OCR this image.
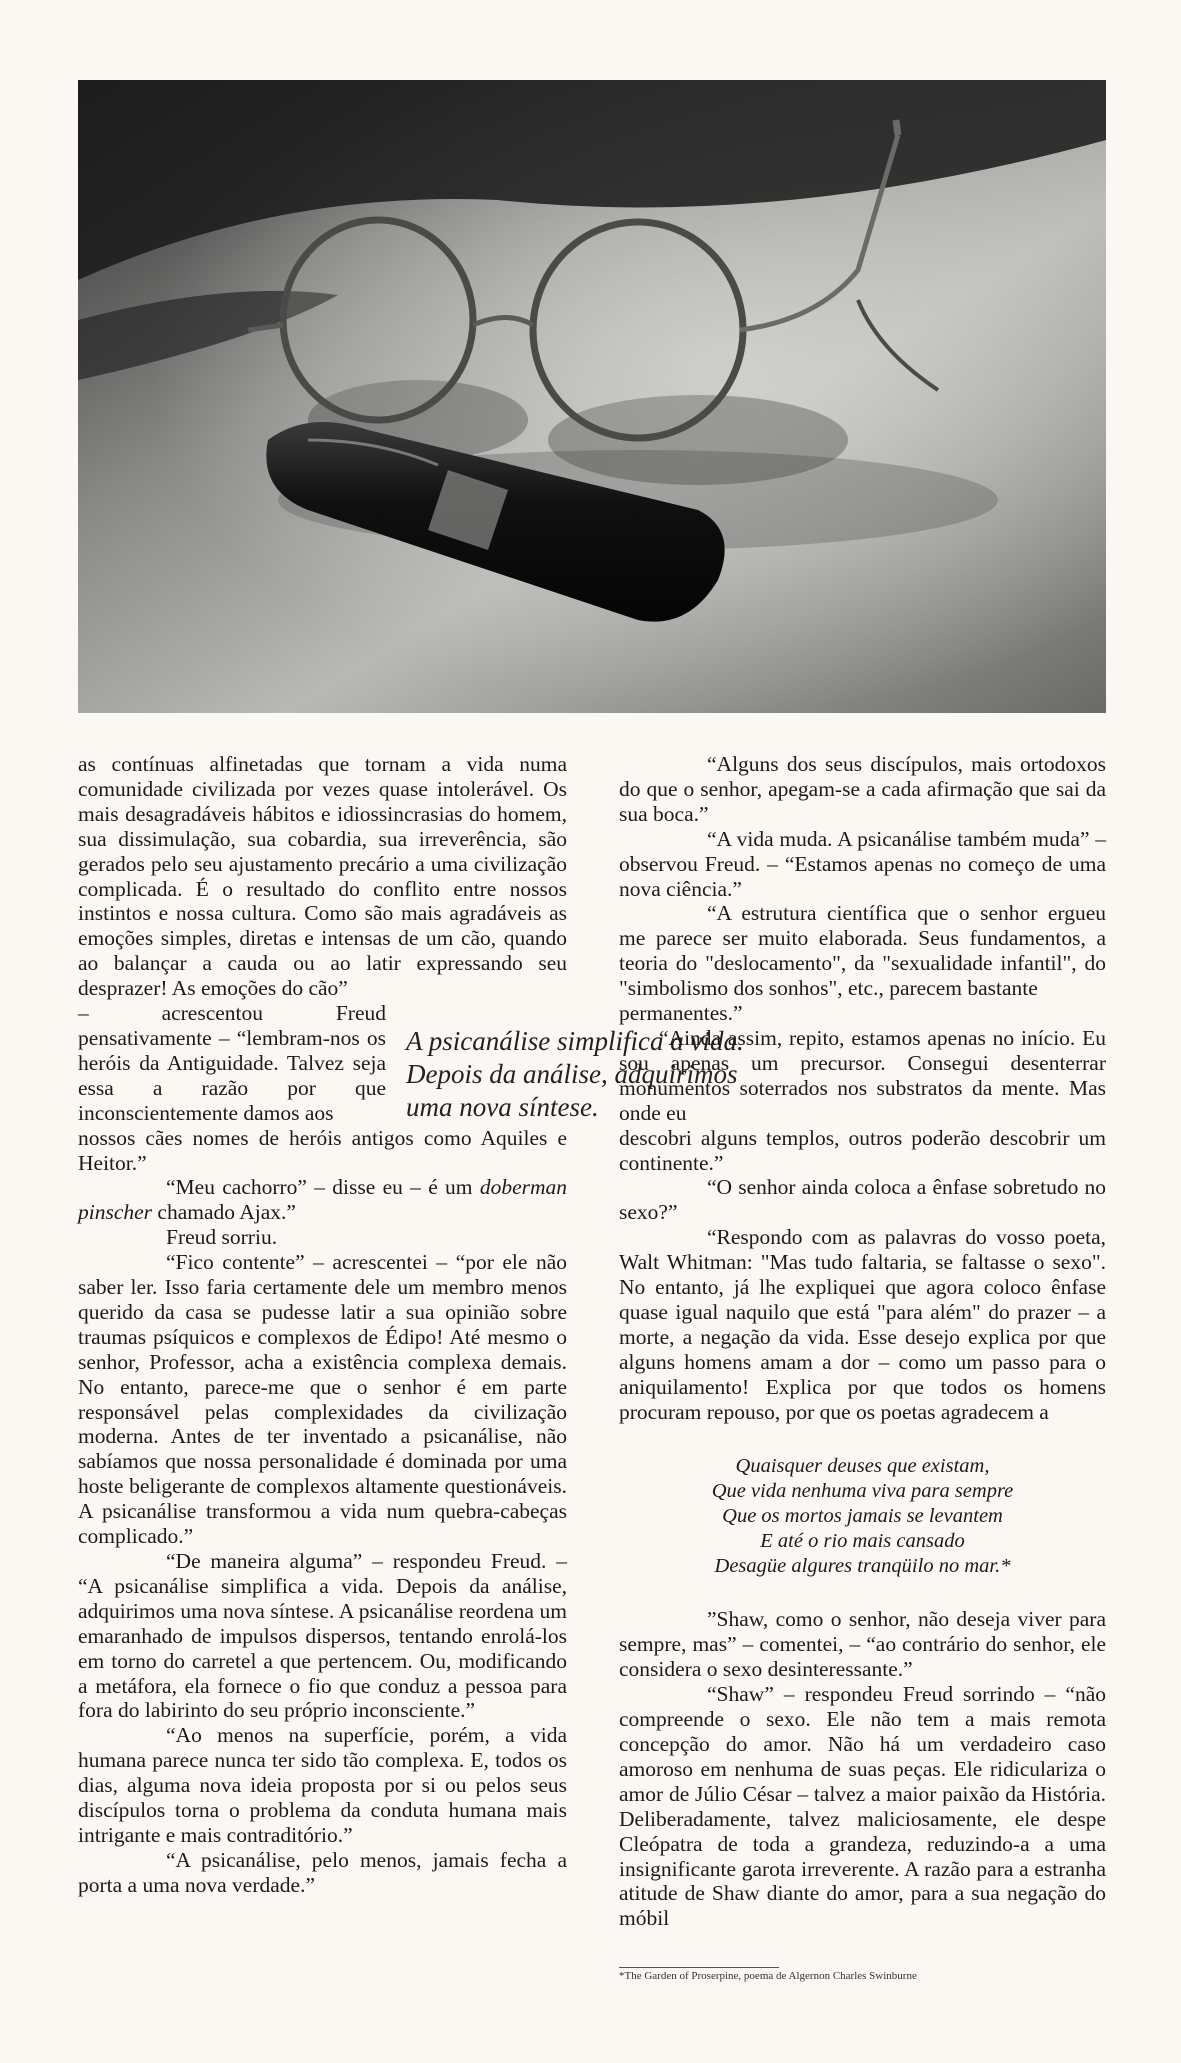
as contínuas alfinetadas que tornam a vida numa comunidade civilizada por vezes quase intolerável. Os mais desagradáveis hábitos e idiossincrasias do homem, sua dissimulação, sua cobardia, sua irreverência, são gerados pelo seu ajustamento precário a uma civilização complicada. É o resultado do conflito entre nossos instintos e nossa cultura. Como são mais agradáveis as emoções simples, diretas e intensas de um cão, quando ao balançar a cauda ou ao latir expressando seu desprazer! As emoções do cão”

– acrescentou Freud pensativamente – “lembram-nos os heróis da Antiguidade. Talvez seja essa a razão por que inconscientemente damos aos

nossos cães nomes de heróis antigos como Aquiles e Heitor.”

“Meu cachorro” – disse eu – é um doberman pinscher chamado Ajax.”

Freud sorriu.

“Fico contente” – acrescentei – “por ele não saber ler. Isso faria certamente dele um membro menos querido da casa se pudesse latir a sua opinião sobre traumas psíquicos e complexos de Édipo! Até mesmo o senhor, Professor, acha a existência complexa demais. No entanto, parece-me que o senhor é em parte responsável pelas complexidades da civilização moderna. Antes de ter inventado a psicanálise, não sabíamos que nossa personalidade é dominada por uma hoste beligerante de complexos altamente questionáveis. A psicanálise transformou a vida num quebra-cabeças complicado.”

“De maneira alguma” – respondeu Freud. – “A psicanálise simplifica a vida. Depois da análise, adquirimos uma nova síntese. A psicanálise reordena um emaranhado de impulsos dispersos, tentando enrolá-los em torno do carretel a que pertencem. Ou, modificando a metáfora, ela fornece o fio que conduz a pessoa para fora do labirinto do seu próprio inconsciente.”

“Ao menos na superfície, porém, a vida humana parece nunca ter sido tão complexa. E, todos os dias, alguma nova ideia proposta por si ou pelos seus discípulos torna o problema da conduta humana mais intrigante e mais contraditório.”

“A psicanálise, pelo menos, jamais fecha a porta a uma nova verdade.”

A psicanálise simplifica a vida. Depois da análise, adquirimos uma nova síntese.

“Alguns dos seus discípulos, mais ortodoxos do que o senhor, apegam-se a cada afirmação que sai da sua boca.”

“A vida muda. A psicanálise também muda” – observou Freud. – “Estamos apenas no começo de uma nova ciência.”

“A estrutura científica que o senhor ergueu me parece ser muito elaborada. Seus fundamentos, a teoria do "deslocamento", da "sexualidade infantil", do "simbolismo dos sonhos", etc., parecem bastante

permanentes.”

“Ainda assim, repito, estamos apenas no início. Eu sou apenas um precursor. Consegui desenterrar monumentos soterrados nos substratos da mente. Mas onde eu

descobri alguns templos, outros poderão descobrir um continente.”

“O senhor ainda coloca a ênfase sobretudo no sexo?”

“Respondo com as palavras do vosso poeta, Walt Whitman: "Mas tudo faltaria, se faltasse o sexo". No entanto, já lhe expliquei que agora coloco ênfase quase igual naquilo que está "para além" do prazer – a morte, a negação da vida. Esse desejo explica por que alguns homens amam a dor – como um passo para o aniquilamento! Explica por que todos os homens procuram repouso, por que os poetas agradecem a

Quaisquer deuses que existam,
Que vida nenhuma viva para sempre
Que os mortos jamais se levantem
E até o rio mais cansado
Desagüe algures tranqüilo no mar.*

”Shaw, como o senhor, não deseja viver para sempre, mas” – comentei, – “ao contrário do senhor, ele considera o sexo desinteressante.”

“Shaw” – respondeu Freud sorrindo – “não compreende o sexo. Ele não tem a mais remota concepção do amor. Não há um verdadeiro caso amoroso em nenhuma de suas peças. Ele ridiculariza o amor de Júlio César – talvez a maior paixão da História. Deliberadamente, talvez maliciosamente, ele despe Cleópatra de toda a grandeza, reduzindo-a a uma insignificante garota irreverente. A razão para a estranha atitude de Shaw diante do amor, para a sua negação do móbil

*The Garden of Proserpine, poema de Algernon Charles Swinburne
